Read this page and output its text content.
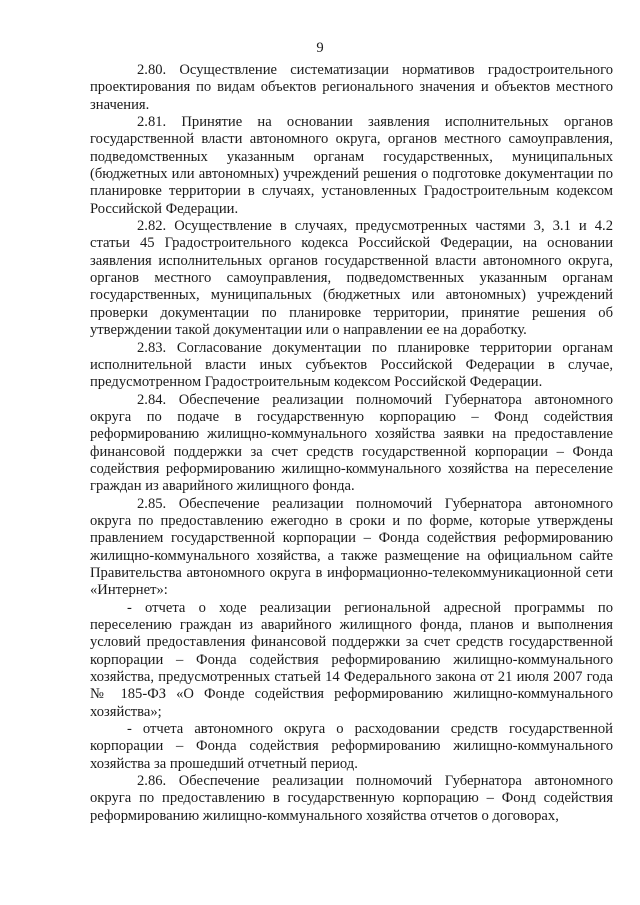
9

2.80. Осуществление систематизации нормативов градостроительного проектирования по видам объектов регионального значения и объектов местного значения.

2.81. Принятие на основании заявления исполнительных органов государственной власти автономного округа, органов местного самоуправления, подведомственных указанным органам государственных, муниципальных (бюджетных или автономных) учреждений решения о подготовке документации по планировке территории в случаях, установленных Градостроительным кодексом Российской Федерации.

2.82. Осуществление в случаях, предусмотренных частями 3, 3.1 и 4.2 статьи 45 Градостроительного кодекса Российской Федерации, на основании заявления исполнительных органов государственной власти автономного округа, органов местного самоуправления, подведомственных указанным органам государственных, муниципальных (бюджетных или автономных) учреждений проверки документации по планировке территории, принятие решения об утверждении такой документации или о направлении ее на доработку.

2.83. Согласование документации по планировке территории органам исполнительной власти иных субъектов Российской Федерации в случае, предусмотренном Градостроительным кодексом Российской Федерации.

2.84. Обеспечение реализации полномочий Губернатора автономного округа по подаче в государственную корпорацию – Фонд содействия реформированию жилищно-коммунального хозяйства заявки на предоставление финансовой поддержки за счет средств государственной корпорации – Фонда содействия реформированию жилищно-коммунального хозяйства на переселение граждан из аварийного жилищного фонда.

2.85. Обеспечение реализации полномочий Губернатора автономного округа по предоставлению ежегодно в сроки и по форме, которые утверждены правлением государственной корпорации – Фонда содействия реформированию жилищно-коммунального хозяйства, а также размещение на официальном сайте Правительства автономного округа в информационно-телекоммуникационной сети «Интернет»:

- отчета о ходе реализации региональной адресной программы по переселению граждан из аварийного жилищного фонда, планов и выполнения условий предоставления финансовой поддержки за счет средств государственной корпорации – Фонда содействия реформированию жилищно-коммунального хозяйства, предусмотренных статьей 14 Федерального закона от 21 июля 2007 года № 185-ФЗ «О Фонде содействия реформированию жилищно-коммунального хозяйства»;

- отчета автономного округа о расходовании средств государственной корпорации – Фонда содействия реформированию жилищно-коммунального хозяйства за прошедший отчетный период.

2.86. Обеспечение реализации полномочий Губернатора автономного округа по предоставлению в государственную корпорацию – Фонд содействия реформированию жилищно-коммунального хозяйства отчетов о договорах,
